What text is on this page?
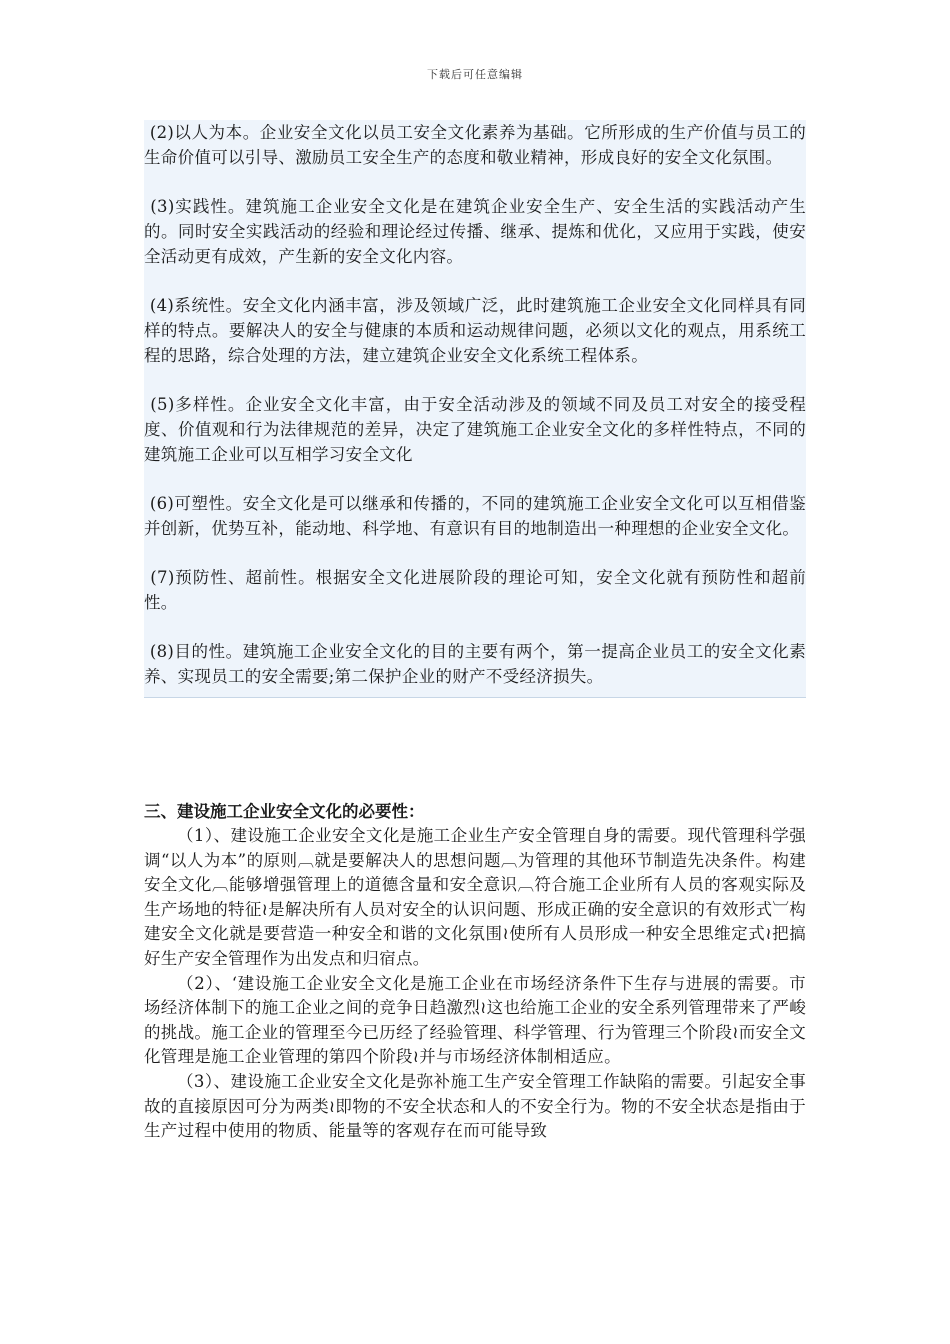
下载后可任意编辑

(2)以人为本。企业安全文化以员工安全文化素养为基础。它所形成的生产价值与员工的生命价值可以引导、激励员工安全生产的态度和敬业精神，形成良好的安全文化氛围。

(3)实践性。建筑施工企业安全文化是在建筑企业安全生产、安全生活的实践活动产生的。同时安全实践活动的经验和理论经过传播、继承、提炼和优化，又应用于实践，使安全活动更有成效，产生新的安全文化内容。

(4)系统性。安全文化内涵丰富，涉及领域广泛，此时建筑施工企业安全文化同样具有同样的特点。要解决人的安全与健康的本质和运动规律问题，必须以文化的观点，用系统工程的思路，综合处理的方法，建立建筑企业安全文化系统工程体系。

(5)多样性。企业安全文化丰富，由于安全活动涉及的领域不同及员工对安全的接受程度、价值观和行为法律规范的差异，决定了建筑施工企业安全文化的多样性特点，不同的建筑施工企业可以互相学习安全文化

(6)可塑性。安全文化是可以继承和传播的，不同的建筑施工企业安全文化可以互相借鉴并创新，优势互补，能动地、科学地、有意识有目的地制造出一种理想的企业安全文化。

(7)预防性、超前性。根据安全文化进展阶段的理论可知，安全文化就有预防性和超前性。

(8)目的性。建筑施工企业安全文化的目的主要有两个，第一提高企业员工的安全文化素养、实现员工的安全需要;第二保护企业的财产不受经济损失。

三、建设施工企业安全文化的必要性：

（1）、建设施工企业安全文化是施工企业生产安全管理自身的需要。现代管理科学强调“以人为本”的原则︹就是要解决人的思想问题︹为管理的其他环节制造先决条件。构建安全文化︹能够增强管理上的道德含量和安全意识︹符合施工企业所有人员的客观实际及生产场地的特征≀是解决所有人员对安全的认识问题、形成正确的安全意识的有效形式︺构建安全文化就是要营造一种安全和谐的文化氛围≀使所有人员形成一种安全思维定式≀把搞好生产安全管理作为出发点和归宿点。

（2）、‘建设施工企业安全文化是施工企业在市场经济条件下生存与进展的需要。市场经济体制下的施工企业之间的竞争日趋激烈≀这也给施工企业的安全系列管理带来了严峻的挑战。施工企业的管理至今已历经了经验管理、科学管理、行为管理三个阶段≀而安全文化管理是施工企业管理的第四个阶段≀并与市场经济体制相适应。

（3）、建设施工企业安全文化是弥补施工生产安全管理工作缺陷的需要。引起安全事故的直接原因可分为两类≀即物的不安全状态和人的不安全行为。物的不安全状态是指由于生产过程中使用的物质、能量等的客观存在而可能导致
